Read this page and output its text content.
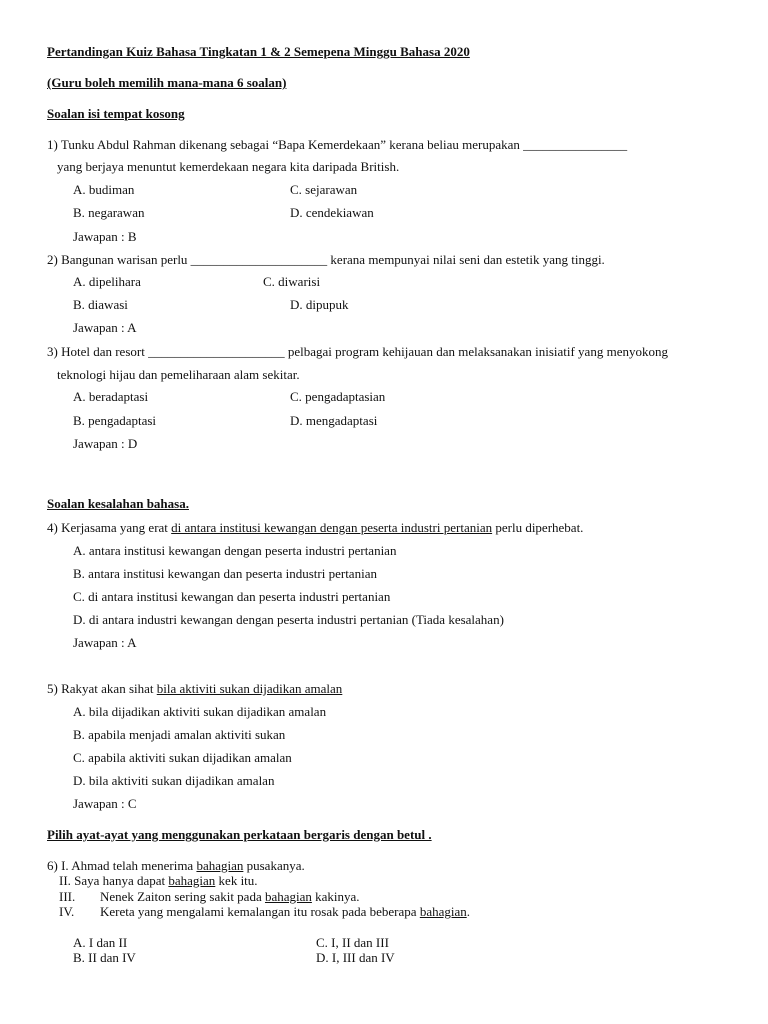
Pertandingan Kuiz Bahasa Tingkatan 1 & 2 Semepena Minggu Bahasa 2020
(Guru boleh memilih mana-mana 6 soalan)
Soalan isi tempat kosong
1) Tunku Abdul Rahman dikenang sebagai “Bapa Kemerdekaan” kerana beliau merupakan ________________
yang berjaya menuntut kemerdekaan negara kita daripada British.
A. budiman	C. sejarawan
B. negarawan	D. cendekiawan
Jawapan : B
2) Bangunan warisan perlu _____________________ kerana mempunyai nilai seni dan estetik yang tinggi.
A. dipelihara	C. diwarisi
B. diawasi	D. dipupuk
Jawapan : A
3) Hotel dan resort _____________________ pelbagai program kehijauan dan melaksanakan inisiatif yang menyokong
teknologi hijau dan pemeliharaan alam sekitar.
A. beradaptasi	C. pengadaptasian
B. pengadaptasi	D. mengadaptasi
Jawapan : D
Soalan kesalahan bahasa.
4) Kerjasama yang erat di antara institusi kewangan dengan peserta industri pertanian perlu diperhebat.
A. antara institusi kewangan dengan peserta industri pertanian
B. antara institusi kewangan dan peserta industri pertanian
C. di antara institusi kewangan dan peserta industri pertanian
D. di antara industri kewangan dengan peserta industri pertanian (Tiada kesalahan)
Jawapan : A
5) Rakyat akan sihat bila aktiviti sukan dijadikan amalan
A. bila dijadikan aktiviti sukan dijadikan amalan
B. apabila menjadi amalan aktiviti sukan
C. apabila aktiviti sukan dijadikan amalan
D. bila aktiviti sukan dijadikan amalan
Jawapan : C
Pilih ayat-ayat yang menggunakan perkataan bergaris dengan betul .
6) I. Ahmad telah menerima bahagian pusakanya.
II. Saya hanya dapat bahagian kek itu.
III. Nenek Zaiton sering sakit pada bahagian kakinya.
IV. Kereta yang mengalami kemalangan itu rosak pada beberapa bahagian.
A. I dan II	C. I, II dan III
B. II dan IV	D. I, III dan IV
